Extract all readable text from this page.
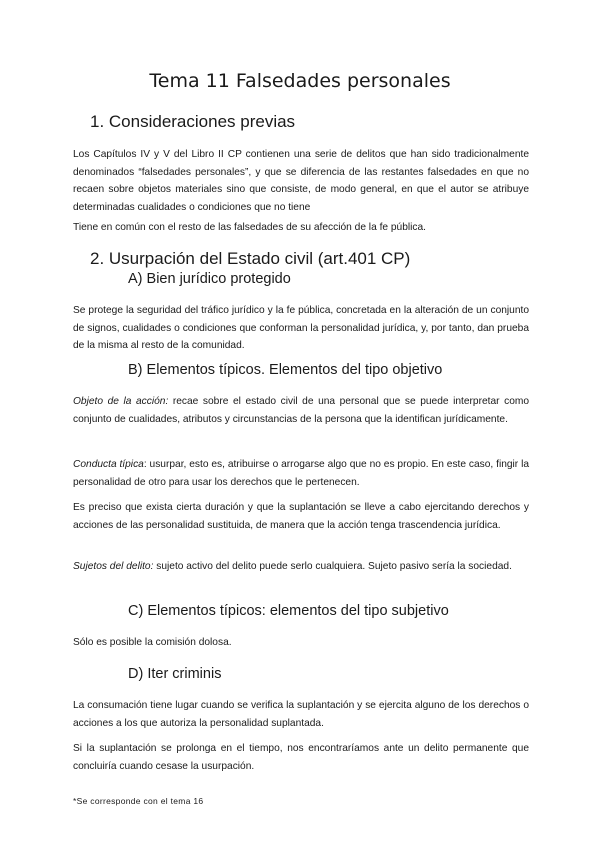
Tema 11 Falsedades personales
1. Consideraciones previas
Los Capítulos IV y V del Libro II CP contienen una serie de delitos que han sido tradicionalmente denominados “falsedades personales”, y que se diferencia de las restantes falsedades en que no recaen sobre objetos materiales sino que consiste, de modo general, en que el autor se atribuye determinadas cualidades o condiciones que no tiene
Tiene en común con el resto de las falsedades de su afección de la fe pública.
2. Usurpación del Estado civil (art.401 CP)
A) Bien jurídico protegido
Se protege la seguridad del tráfico jurídico y la fe pública, concretada en la alteración de un conjunto de signos, cualidades o condiciones que conforman la personalidad jurídica, y, por tanto, dan prueba de la misma al resto de la comunidad.
B) Elementos típicos. Elementos del tipo objetivo
Objeto de la acción: recae sobre el estado civil de una personal que se puede interpretar como conjunto de cualidades, atributos y circunstancias de la persona que la identifican jurídicamente.
Conducta típica: usurpar, esto es, atribuirse o arrogarse algo que no es propio. En este caso, fingir la personalidad de otro para usar los derechos que le pertenecen.
Es preciso que exista cierta duración y que la suplantación se lleve a cabo ejercitando derechos y acciones de las personalidad sustituida, de manera que la acción tenga trascendencia jurídica.
Sujetos del delito: sujeto activo del delito puede serlo cualquiera. Sujeto pasivo sería la sociedad.
C) Elementos típicos: elementos del tipo subjetivo
Sólo es posible la comisión dolosa.
D) Iter criminis
La consumación tiene lugar cuando se verifica la suplantación y se ejercita alguno de los derechos o acciones a los que autoriza la personalidad suplantada.
Si la suplantación se prolonga en el tiempo, nos encontraríamos ante un delito permanente que concluiría cuando cesase la usurpación.
*Se corresponde con el tema 16
